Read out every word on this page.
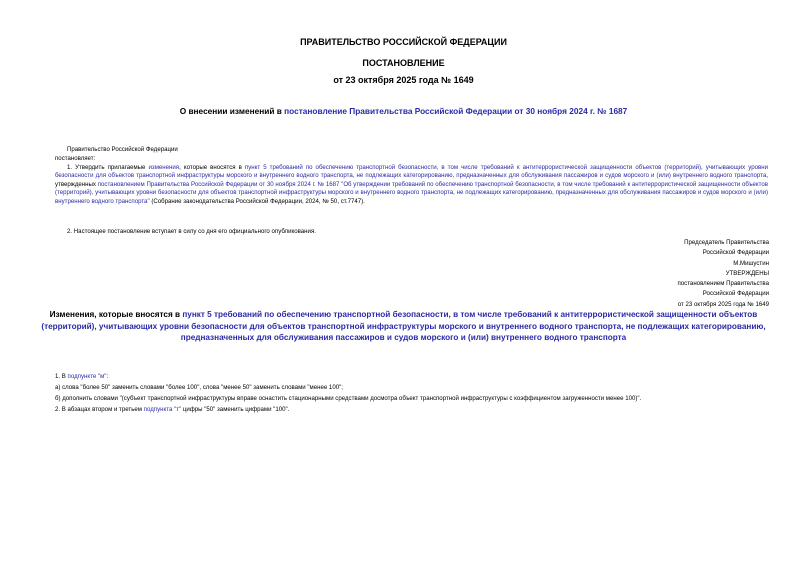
ПРАВИТЕЛЬСТВО РОССИЙСКОЙ ФЕДЕРАЦИИ
ПОСТАНОВЛЕНИЕ
от 23 октября 2025 года № 1649
О внесении изменений в постановление Правительства Российской Федерации от 30 ноября 2024 г. № 1687
Правительство Российской Федерации
постановляет:
1. Утвердить прилагаемые изменения, которые вносятся в пункт 5 требований по обеспечению транспортной безопасности, в том числе требований к антитеррористической защищенности объектов (территорий), учитывающих уровни безопасности для объектов транспортной инфраструктуры морского и внутреннего водного транспорта, не подлежащих категорированию, предназначенных для обслуживания пассажиров и судов морского и (или) внутреннего водного транспорта, утвержденных постановлением Правительства Российской Федерации от 30 ноября 2024 г. № 1687 "Об утверждении требований по обеспечению транспортной безопасности, в том числе требований к антитеррористической защищенности объектов (территорий), учитывающих уровни безопасности для объектов транспортной инфраструктуры морского и внутреннего водного транспорта, не подлежащих категорированию, предназначенных для обслуживания пассажиров и судов морского и (или) внутреннего водного транспорта" (Собрание законодательства Российской Федерации, 2024, № 50, ст.7747).
2. Настоящее постановление вступает в силу со дня его официального опубликования.
Председатель Правительства
Российской Федерации
М.Мишустин
УТВЕРЖДЕНЫ
постановлением Правительства
Российской Федерации
от 23 октября 2025 года № 1649
Изменения, которые вносятся в пункт 5 требований по обеспечению транспортной безопасности, в том числе требований к антитеррористической защищенности объектов (территорий), учитывающих уровни безопасности для объектов транспортной инфраструктуры морского и внутреннего водного транспорта, не подлежащих категорированию, предназначенных для обслуживания пассажиров и судов морского и (или) внутреннего водного транспорта
1. В подпункте "м":
а) слова "более 50" заменить словами "более 100", слова "менее 50" заменить словами "менее 100";
б) дополнить словами "(субъект транспортной инфраструктуры вправе оснастить стационарными средствами досмотра объект транспортной инфраструктуры с коэффициентом загруженности менее 100)".
2. В абзацах втором и третьем подпункта "т" цифры "50" заменить цифрами "100".
